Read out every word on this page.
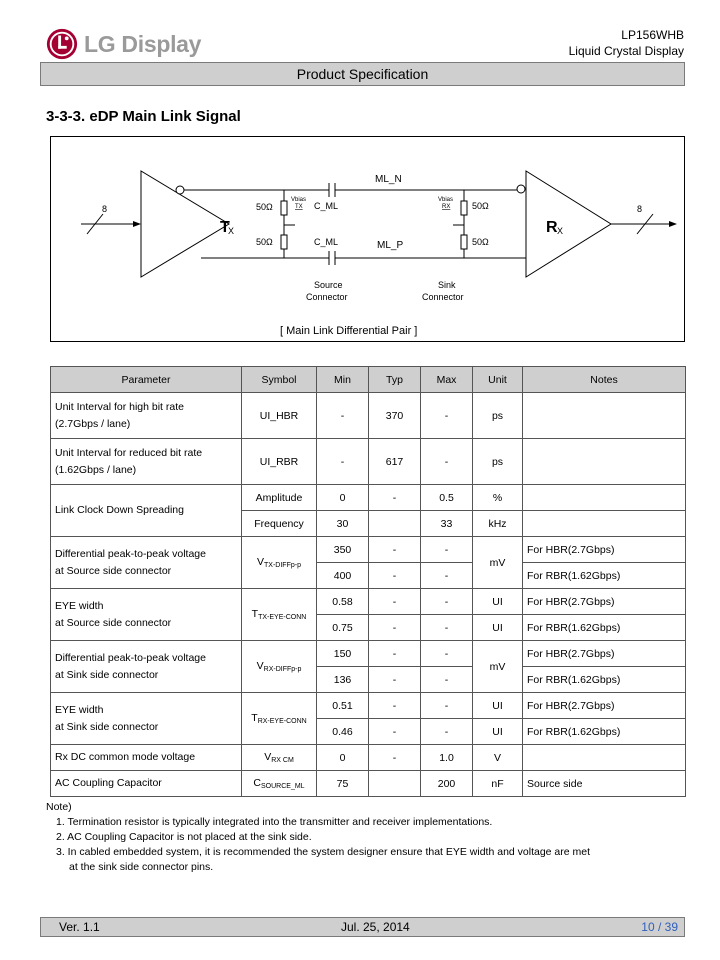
LG Display	LP156WHB
Liquid Crystal Display
Product Specification
3-3-3. eDP Main Link Signal
T
X	R X
8	8
ML_N
ML_P
C_ML
C_ML
50Ω
50Ω
50Ω
50Ω
Vbias
TX
Vbias
RX
Source
Connector
Sink
Connector
[ Main Link Differential Pair ]
Parameter	Symbol	Min	Typ	Max	Unit	Notes

Unit Interval for high bit rate
(2.7Gbps / lane)	UI_HBR	-	370	-	ps	

Unit Interval for reduced bit rate
(1.62Gbps / lane)	UI_RBR	-	617	-	ps	
Link Clock Down Spreading	Amplitude	0	-	0.5	%	
	Frequency	30		33	kHz	

Differential peak-to-peak voltage
at Source side connector	$V_{TX-DIFFp-p}$	350	-	-	mV	For HBR(2.7Gbps)
		400	-	-		For RBR(1.62Gbps)

EYE width
at Source side connector	$T_{TX-EYE-CONN}$	0.58	-	-	UI	For HBR(2.7Gbps)
		0.75	-	-	UI	For RBR(1.62Gbps)

Differential peak-to-peak voltage
at Sink side connector	$V_{RX-DIFFp-p}$	150	-	-	mV	For HBR(2.7Gbps)
		136	-	-		For RBR(1.62Gbps)

EYE width
at Sink side connector	$T_{RX-EYE-CONN}$	0.51	-	-	UI	For HBR(2.7Gbps)
		0.46	-	-	UI	For RBR(1.62Gbps)
Rx DC common mode voltage	$V_{RX CM}$	0	-	1.0	V	
AC Coupling Capacitor	$C_{SOURCE\_ML}$	75		200	nF	Source side
Note)
1. Termination resistor is typically integrated into the transmitter and receiver implementations.
2. AC Coupling Capacitor is not placed at the sink side.
3. In cabled embedded system, it is recommended the system designer ensure that EYE width and voltage are met
at the sink side connector pins.
Ver. 1.1	Jul. 25, 2014	10 / 39
